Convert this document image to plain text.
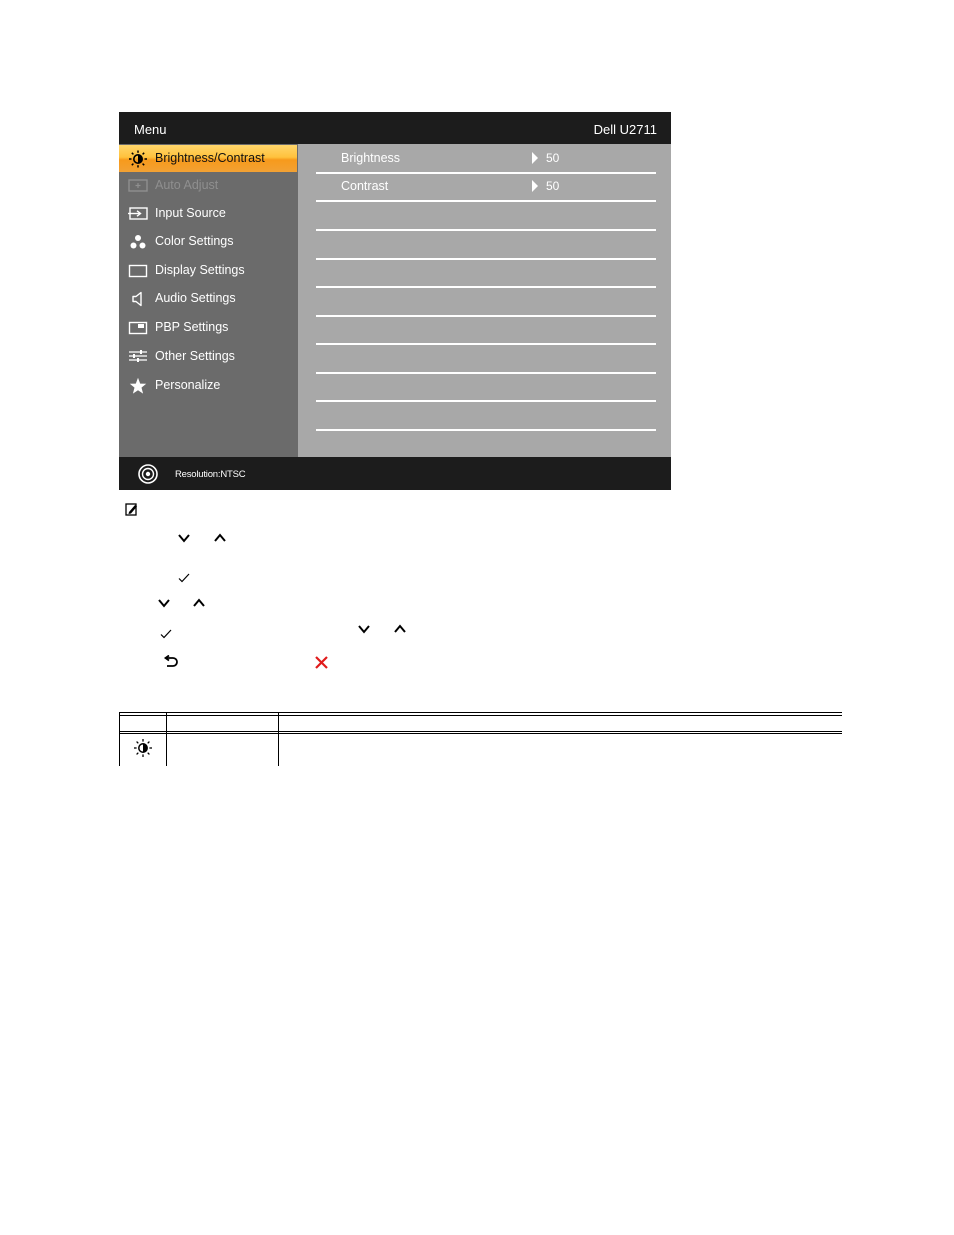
Menu	Dell U2711
Brightness/Contrast
Auto Adjust
Input Source
Color Settings
Display Settings
Audio Settings
PBP Settings
Other Settings
Personalize
Brightness	50
Contrast	50
Resolution:NTSC
